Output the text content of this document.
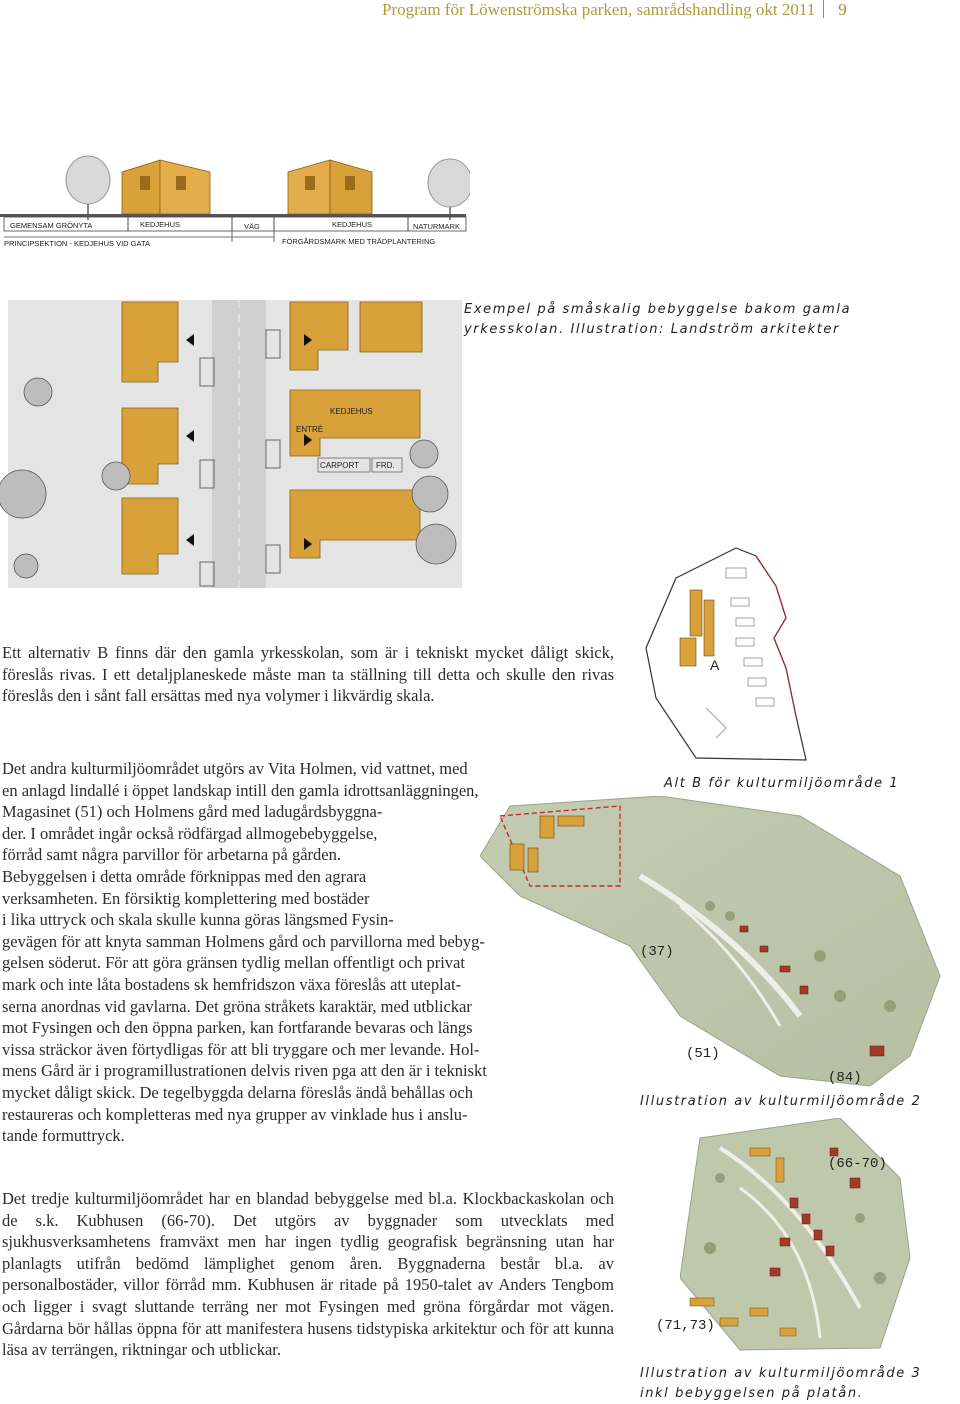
Program för Löwenströmska parken, samrådshandling okt 2011 9
GEMENSAM GRÖNYTA	KEDJEHUS	VÄG	KEDJEHUS	NATURMARK
PRINCIPSEKTION - KEDJEHUS VID GATA	FÖRGÅRDSMARK MED TRÄDPLANTERING
KEDJEHUS
ENTRÉ
CARPORT FRD.
Exempel på småskalig bebyggelse bakom gamla yrkesskolan. Illustration: Landström arkitekter
A
Alt B för kulturmiljöområde 1
(37)
(51)
(84)
Illustration av kulturmiljöområde 2
(66-70)
(71,73)
Illustration av kulturmiljöområde 3 inkl bebyggelsen på platån.
Ett alternativ B finns där den gamla yrkesskolan, som är i tekniskt mycket dåligt skick, föreslås rivas. I ett detaljplaneskede måste man ta ställning till detta och skulle den rivas föreslås den i sånt fall ersättas med nya volymer i likvärdig skala.
Det andra kulturmiljöområdet utgörs av Vita Holmen, vid vattnet, med
en anlagd lindallé i öppet landskap intill den gamla idrottsanläggningen,
Magasinet (51) och Holmens gård med ladugårdsbyggna-
der. I området ingår också rödfärgad allmogebebyggelse,
förråd samt några parvillor för arbetarna på gården.
Bebyggelsen i detta område förknippas med den agrara
verksamheten. En försiktig komplettering med bostäder
i lika uttryck och skala skulle kunna göras längsmed Fysin-
gevägen för att knyta samman Holmens gård och parvillorna med bebyg-
gelsen söderut. För att göra gränsen tydlig mellan offentligt och privat
mark och inte låta bostadens sk hemfridszon växa föreslås att uteplat-
serna anordnas vid gavlarna. Det gröna stråkets karaktär, med utblickar
mot Fysingen och den öppna parken, kan fortfarande bevaras och längs
vissa sträckor även förtydligas för att bli tryggare och mer levande. Hol-
mens Gård är i programillustrationen delvis riven pga att den är i tekniskt
mycket dåligt skick. De tegelbyggda delarna föreslås ändå behållas och
restaureras och kompletteras med nya grupper av vinklade hus i anslu-
tande formuttryck.
Det tredje kulturmiljöområdet har en blandad bebyggelse med bl.a. Klockbackaskolan och de s.k. Kubhusen (66-70). Det utgörs av byggnader som utvecklats med sjukhusverksamhetens framväxt men har ingen tydlig geografisk begränsning utan har planlagts utifrån bedömd lämplighet genom åren. Byggnaderna består bl.a. av personalbostäder, villor förråd mm. Kubhusen är ritade på 1950-talet av Anders Tengbom och ligger i svagt sluttande terräng ner mot Fysingen med gröna förgårdar mot vägen. Gårdarna bör hållas öppna för att manifestera husens tidstypiska arkitektur och för att kunna läsa av terrängen, riktningar och utblickar.
